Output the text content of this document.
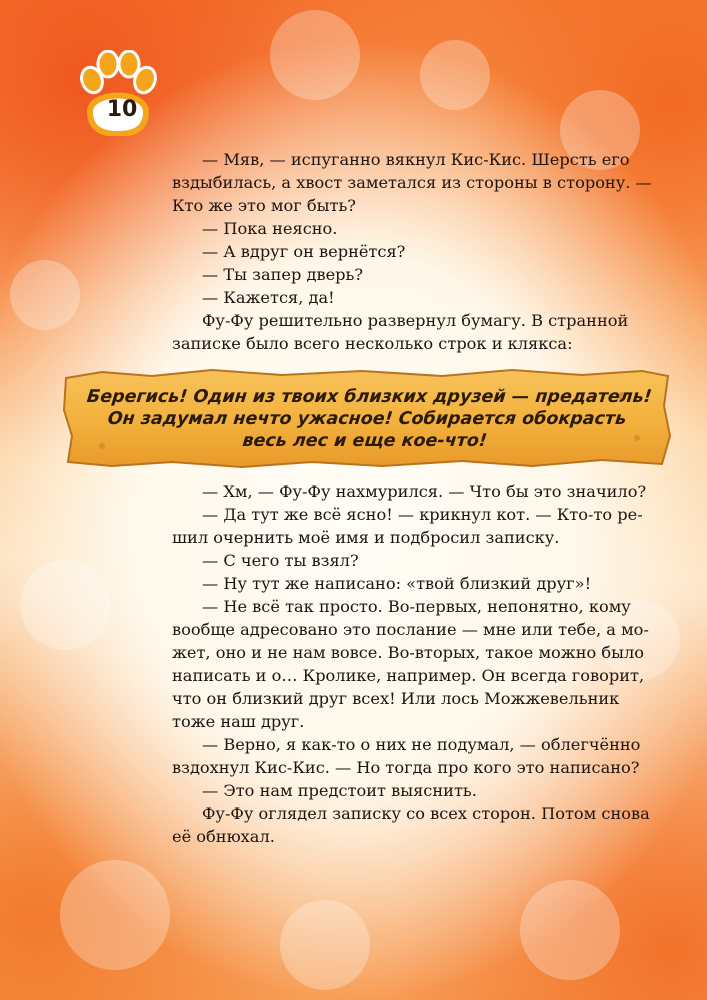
10

— Мяв, — испуганно вякнул Кис-Кис. Шерсть его

вздыбилась, а хвост заметался из стороны в сторону. —

Кто же это мог быть?

— Пока неясно.

— А вдруг он вернётся?

— Ты запер дверь?

— Кажется, да!

Фу-Фу решительно развернул бумагу. В странной

записке было всего несколько строк и клякса:

Берегись! Один из твоих близких друзей — предатель!
Он задумал нечто ужасное! Собирается обокрасть
весь лес и еще кое-что!

— Хм, — Фу-Фу нахмурился. — Что бы это значило?

— Да тут же всё ясно! — крикнул кот. — Кто-то ре-

шил очернить моё имя и подбросил записку.

— С чего ты взял?

— Ну тут же написано: «твой близкий друг»!

— Не всё так просто. Во-первых, непонятно, кому

вообще адресовано это послание — мне или тебе, а мо-

жет, оно и не нам вовсе. Во-вторых, такое можно было

написать и о… Кролике, например. Он всегда говорит,

что он близкий друг всех! Или лось Можжевельник

тоже наш друг.

— Верно, я как-то о них не подумал, — облегчённо

вздохнул Кис-Кис. — Но тогда про кого это написано?

— Это нам предстоит выяснить.

Фу-Фу оглядел записку со всех сторон. Потом снова

её обнюхал.
